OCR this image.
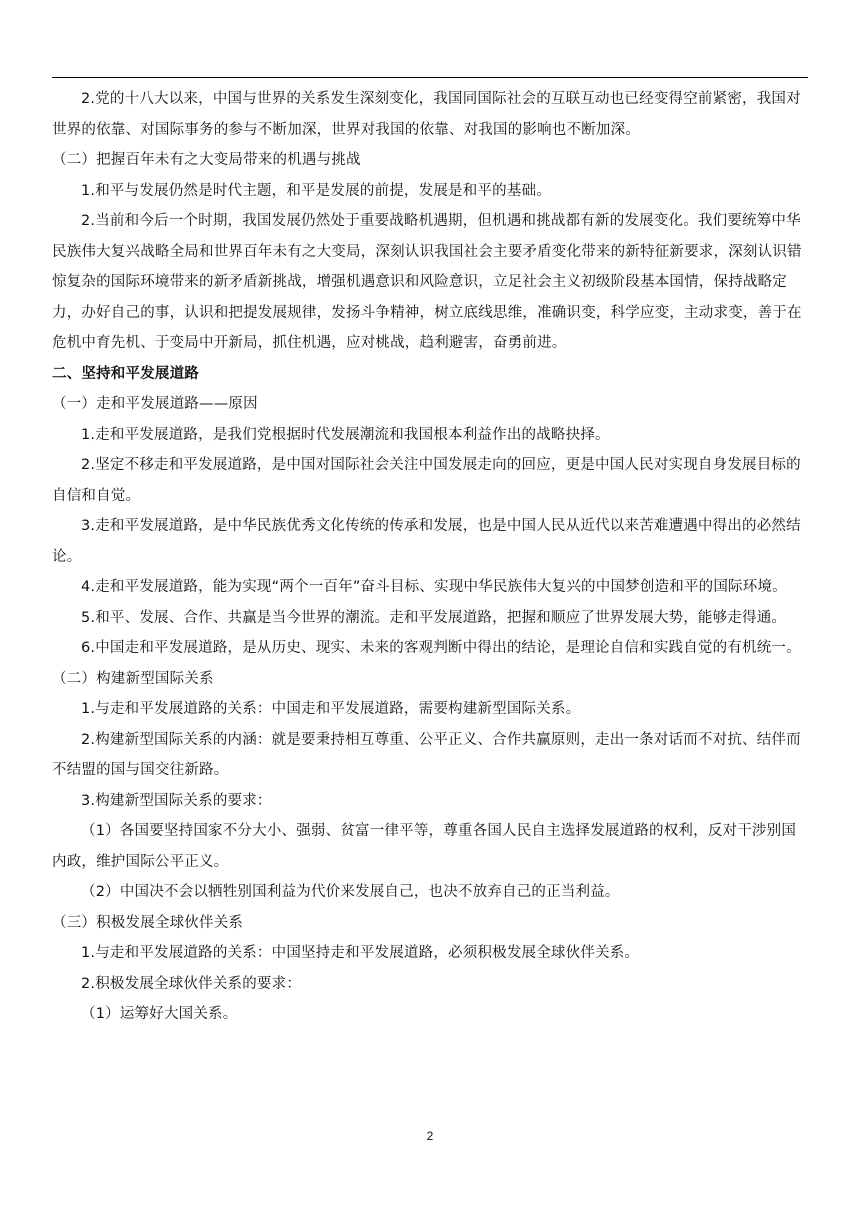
2.党的十八大以来，中国与世界的关系发生深刻变化，我国同国际社会的互联互动也已经变得空前紧密，我国对世界的依靠、对国际事务的参与不断加深，世界对我国的依靠、对我国的影响也不断加深。

（二）把握百年未有之大变局带来的机遇与挑战

1.和平与发展仍然是时代主题，和平是发展的前提，发展是和平的基础。

2.当前和今后一个时期，我国发展仍然处于重要战略机遇期，但机遇和挑战都有新的发展变化。我们要统筹中华民族伟大复兴战略全局和世界百年未有之大变局，深刻认识我国社会主要矛盾变化带来的新特征新要求，深刻认识错惊复杂的国际环境带来的新矛盾新挑战，增强机遇意识和风险意识，立足社会主义初级阶段基本国情，保持战略定力，办好自己的事，认识和把提发展规律，发扬斗争精神，树立底线思维，准确识变，科学应变，主动求变，善于在危机中育先机、于变局中开新局，抓住机遇，应对桃战，趋利避害，奋勇前进。

二、坚持和平发展道路

（一）走和平发展道路——原因

1.走和平发展道路，是我们党根据时代发展潮流和我国根本利益作出的战略抉择。

2.坚定不移走和平发展道路，是中国对国际社会关注中国发展走向的回应，更是中国人民对实现自身发展目标的自信和自觉。

3.走和平发展道路，是中华民族优秀文化传统的传承和发展，也是中国人民从近代以来苦难遭遇中得出的必然结论。

4.走和平发展道路，能为实现“两个一百年”奋斗目标、实现中华民族伟大复兴的中国梦创造和平的国际环境。

5.和平、发展、合作、共赢是当今世界的潮流。走和平发展道路，把握和顺应了世界发展大势，能够走得通。

6.中国走和平发展道路，是从历史、现实、未来的客观判断中得出的结论，是理论自信和实践自觉的有机统一。

（二）构建新型国际关系

1.与走和平发展道路的关系：中国走和平发展道路，需要构建新型国际关系。

2.构建新型国际关系的内涵：就是要秉持相互尊重、公平正义、合作共赢原则，走出一条对话而不对抗、结伴而不结盟的国与国交往新路。

3.构建新型国际关系的要求：

（1）各国要坚持国家不分大小、强弱、贫富一律平等，尊重各国人民自主选择发展道路的权利，反对干涉别国内政，维护国际公平正义。

（2）中国决不会以牺牲别国利益为代价来发展自己，也决不放弃自己的正当利益。

（三）积极发展全球伙伴关系

1.与走和平发展道路的关系：中国坚持走和平发展道路，必须积极发展全球伙伴关系。

2.积极发展全球伙伴关系的要求：

（1）运筹好大国关系。

2
